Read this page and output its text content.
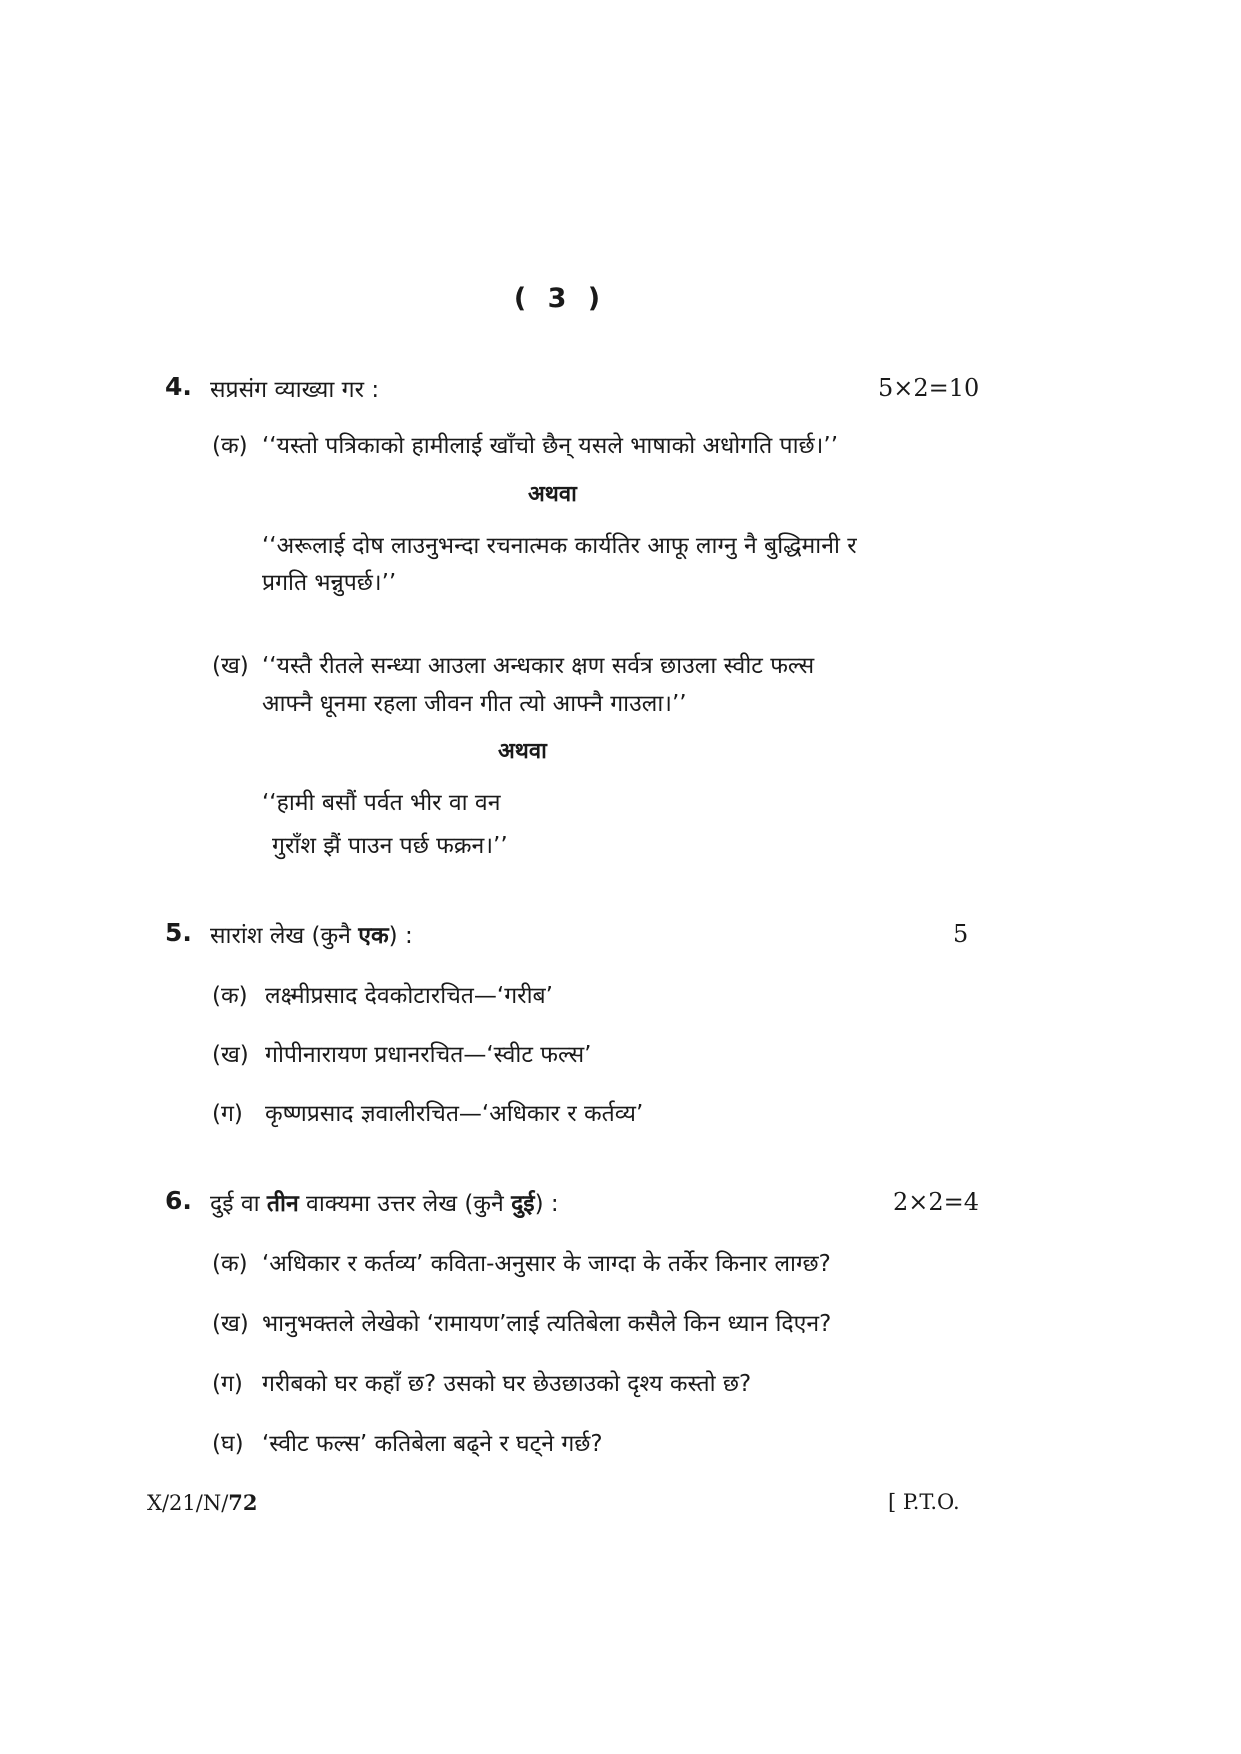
( 3 )
4. सप्रसंग व्याख्या गर :	5×2=10
(क) ‘‘यस्तो पत्रिकाको हामीलाई खाँचो छैन् यसले भाषाको अधोगति पार्छ।’’
अथवा
‘‘अरूलाई दोष लाउनुभन्दा रचनात्मक कार्यतिर आफू लाग्नु नै बुद्धिमानी र
प्रगति भन्नुपर्छ।’’
(ख) ‘‘यस्तै रीतले सन्ध्या आउला अन्धकार क्षण सर्वत्र छाउला स्वीट फल्स
आफ्नै धूनमा रहला जीवन गीत त्यो आफ्नै गाउला।’’
अथवा
‘‘हामी बसौं पर्वत भीर वा वन
गुराँश झैं पाउन पर्छ फक्रन।’’
5. सारांश लेख (कुनै एक) :	5
(क) लक्ष्मीप्रसाद देवकोटारचित—‘गरीब’
(ख) गोपीनारायण प्रधानरचित—‘स्वीट फल्स’
(ग) कृष्णप्रसाद ज्ञवालीरचित—‘अधिकार र कर्तव्य’
6. दुई वा तीन वाक्यमा उत्तर लेख (कुनै दुई) :	2×2=4
(क) ‘अधिकार र कर्तव्य’ कविता-अनुसार के जाग्दा के तर्केर किनार लाग्छ?
(ख) भानुभक्तले लेखेको ‘रामायण’लाई त्यतिबेला कसैले किन ध्यान दिएन?
(ग) गरीबको घर कहाँ छ? उसको घर छेउछाउको दृश्य कस्तो छ?
(घ) ‘स्वीट फल्स’ कतिबेला बढ्ने र घट्ने गर्छ?
X/21/N/72	[ P.T.O.
